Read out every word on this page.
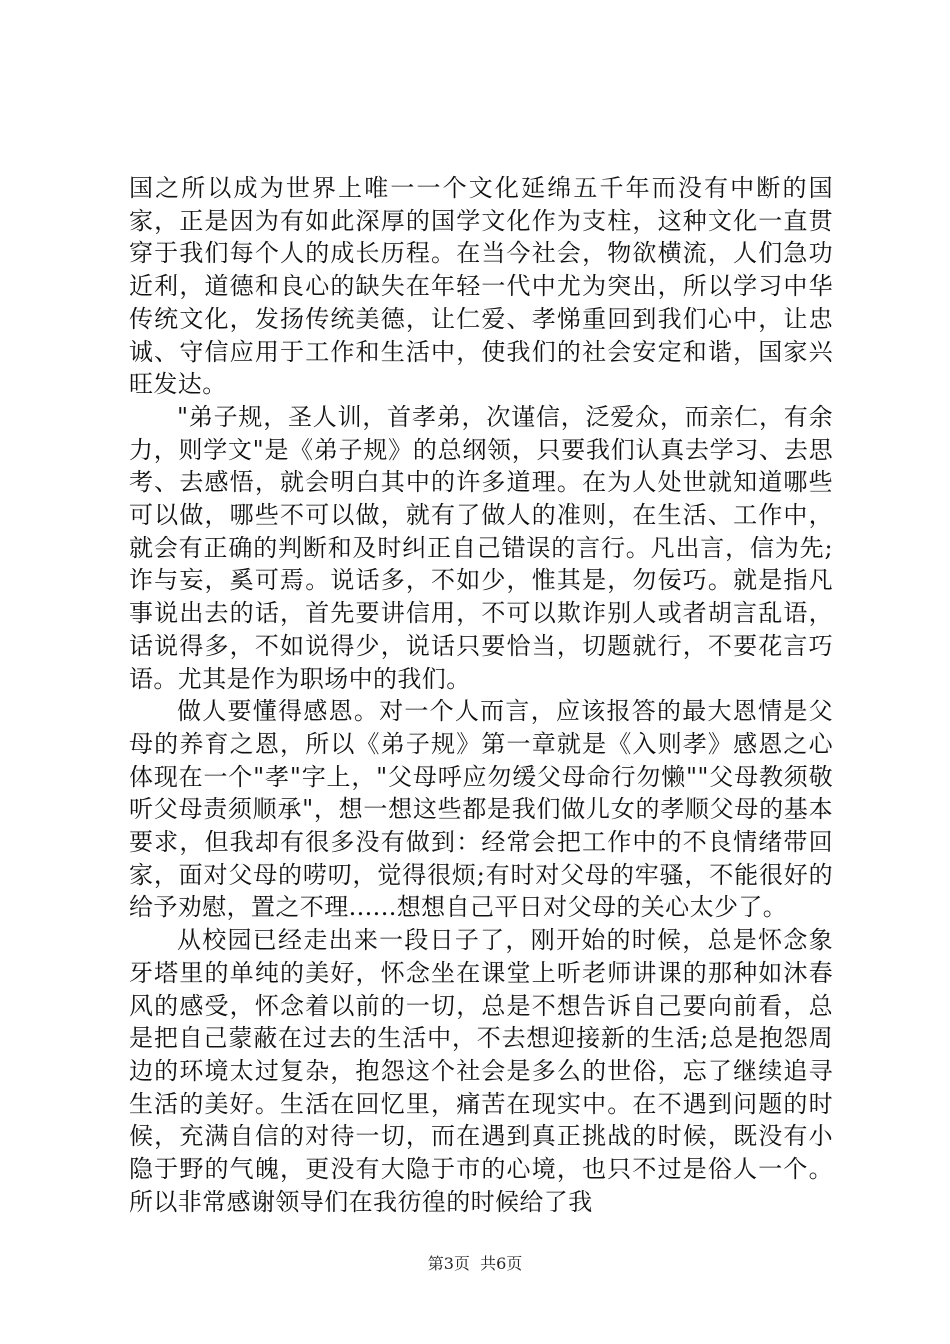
国之所以成为世界上唯一一个文化延绵五千年而没有中断的国家，正是因为有如此深厚的国学文化作为支柱，这种文化一直贯穿于我们每个人的成长历程。在当今社会，物欲横流，人们急功近利，道德和良心的缺失在年轻一代中尤为突出，所以学习中华传统文化，发扬传统美德，让仁爱、孝悌重回到我们心中，让忠诚、守信应用于工作和生活中，使我们的社会安定和谐，国家兴旺发达。

"弟子规，圣人训，首孝弟，次谨信，泛爱众，而亲仁，有余力，则学文"是《弟子规》的总纲领，只要我们认真去学习、去思考、去感悟，就会明白其中的许多道理。在为人处世就知道哪些可以做，哪些不可以做，就有了做人的准则，在生活、工作中，就会有正确的判断和及时纠正自己错误的言行。凡出言，信为先;诈与妄，奚可焉。说话多，不如少，惟其是，勿佞巧。就是指凡事说出去的话，首先要讲信用，不可以欺诈别人或者胡言乱语，话说得多，不如说得少，说话只要恰当，切题就行，不要花言巧语。尤其是作为职场中的我们。

做人要懂得感恩。对一个人而言，应该报答的最大恩情是父母的养育之恩，所以《弟子规》第一章就是《入则孝》感恩之心体现在一个"孝"字上，"父母呼应勿缓父母命行勿懒""父母教须敬听父母责须顺承"，想一想这些都是我们做儿女的孝顺父母的基本要求，但我却有很多没有做到：经常会把工作中的不良情绪带回家，面对父母的唠叨，觉得很烦;有时对父母的牢骚，不能很好的给予劝慰，置之不理......想想自己平日对父母的关心太少了。

从校园已经走出来一段日子了，刚开始的时候，总是怀念象牙塔里的单纯的美好，怀念坐在课堂上听老师讲课的那种如沐春风的感受，怀念着以前的一切，总是不想告诉自己要向前看，总是把自己蒙蔽在过去的生活中，不去想迎接新的生活;总是抱怨周边的环境太过复杂，抱怨这个社会是多么的世俗，忘了继续追寻生活的美好。生活在回忆里，痛苦在现实中。在不遇到问题的时候，充满自信的对待一切，而在遇到真正挑战的时候，既没有小隐于野的气魄，更没有大隐于市的心境，也只不过是俗人一个。所以非常感谢领导们在我彷徨的时候给了我

第3页 共6页
